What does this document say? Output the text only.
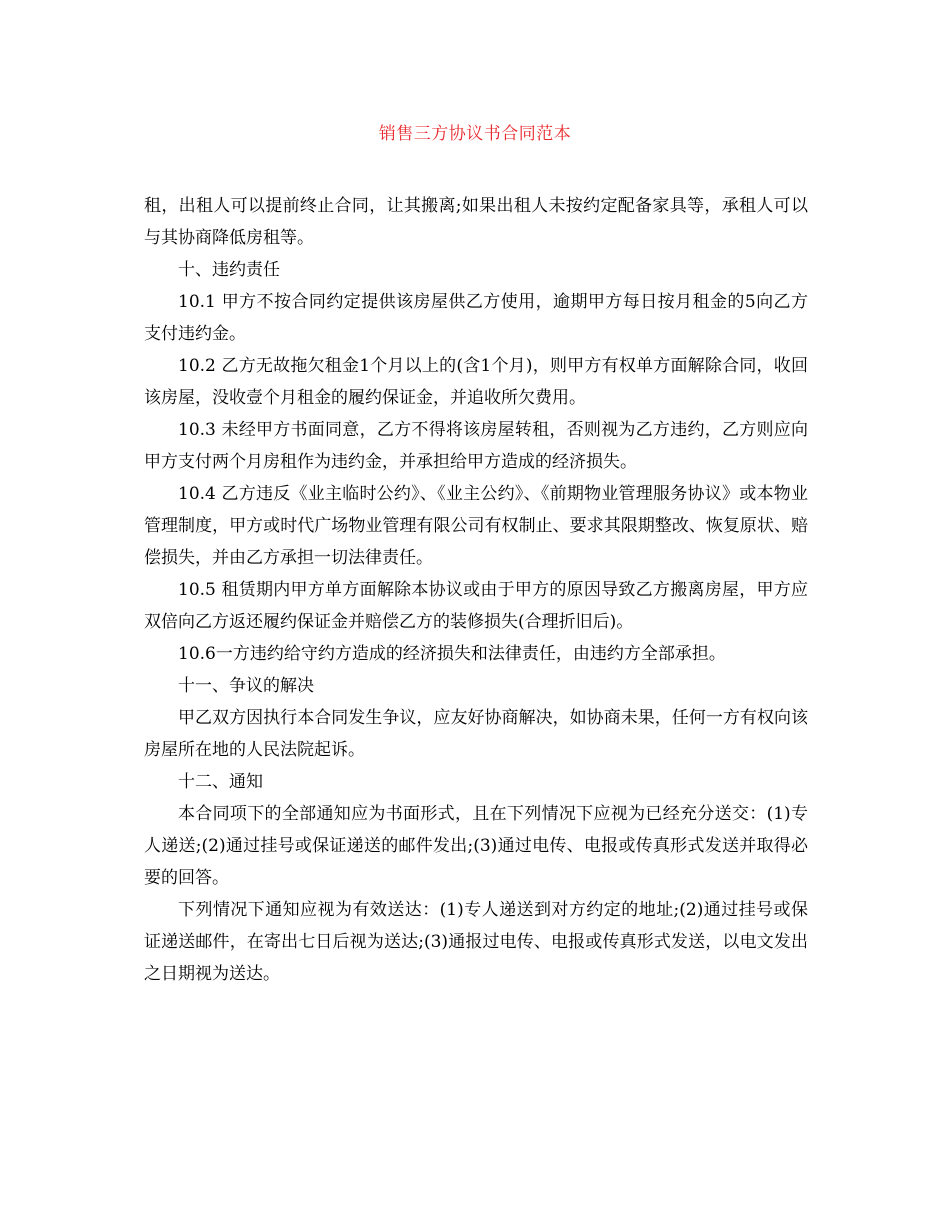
销售三方协议书合同范本

租，出租人可以提前终止合同，让其搬离;如果出租人未按约定配备家具等，承租人可以与其协商降低房租等。

十、违约责任

10.1 甲方不按合同约定提供该房屋供乙方使用，逾期甲方每日按月租金的5向乙方支付违约金。

10.2 乙方无故拖欠租金1个月以上的(含1个月)，则甲方有权单方面解除合同，收回该房屋，没收壹个月租金的履约保证金，并追收所欠费用。

10.3 未经甲方书面同意，乙方不得将该房屋转租，否则视为乙方违约，乙方则应向甲方支付两个月房租作为违约金，并承担给甲方造成的经济损失。

10.4 乙方违反《业主临时公约》、《业主公约》、《前期物业管理服务协议》或本物业管理制度，甲方或时代广场物业管理有限公司有权制止、要求其限期整改、恢复原状、赔偿损失，并由乙方承担一切法律责任。

10.5 租赁期内甲方单方面解除本协议或由于甲方的原因导致乙方搬离房屋，甲方应双倍向乙方返还履约保证金并赔偿乙方的装修损失(合理折旧后)。

10.6一方违约给守约方造成的经济损失和法律责任，由违约方全部承担。

十一、争议的解决

甲乙双方因执行本合同发生争议，应友好协商解决，如协商未果，任何一方有权向该房屋所在地的人民法院起诉。

十二、通知

本合同项下的全部通知应为书面形式，且在下列情况下应视为已经充分送交：(1)专人递送;(2)通过挂号或保证递送的邮件发出;(3)通过电传、电报或传真形式发送并取得必要的回答。

下列情况下通知应视为有效送达：(1)专人递送到对方约定的地址;(2)通过挂号或保证递送邮件，在寄出七日后视为送达;(3)通报过电传、电报或传真形式发送，以电文发出之日期视为送达。
